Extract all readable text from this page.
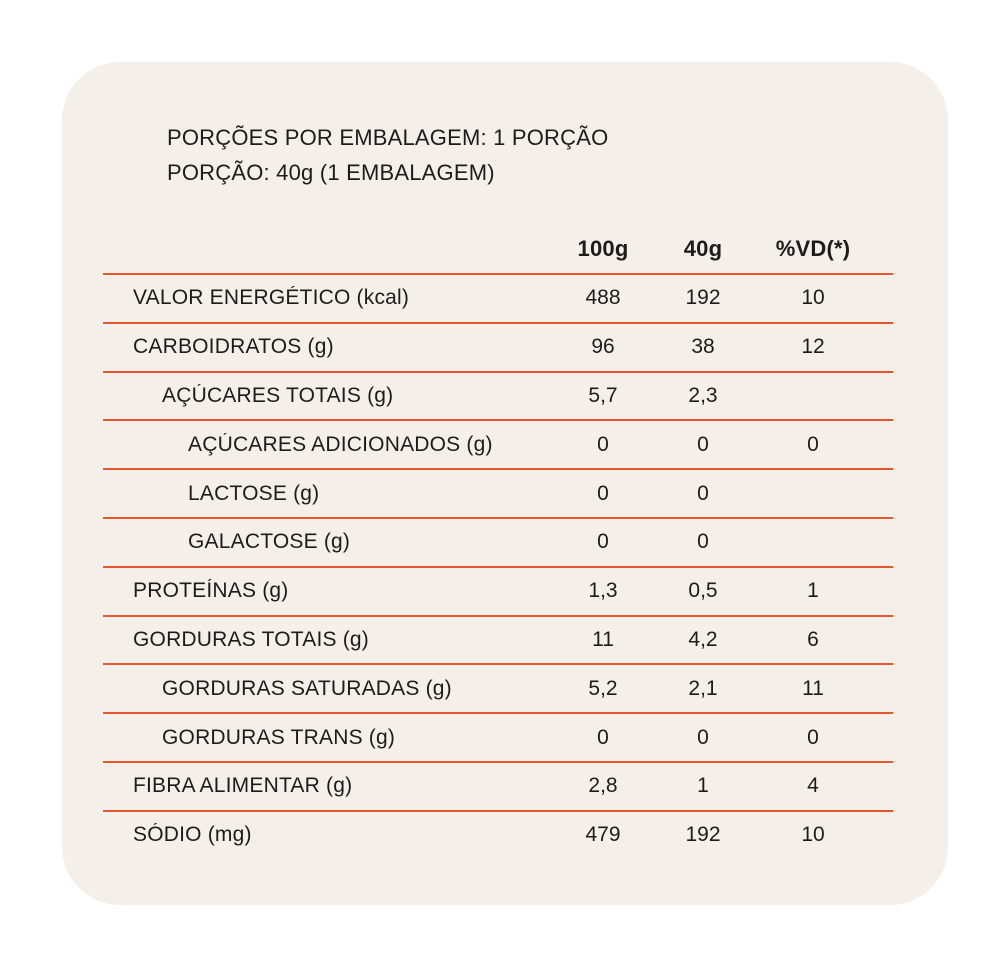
PORÇÕES POR EMBALAGEM: 1 PORÇÃO
PORÇÃO: 40g (1 EMBALAGEM)
100g	40g	%VD(*)
VALOR ENERGÉTICO (kcal)	488	192	10
CARBOIDRATOS (g)	96	38	12
AÇÚCARES TOTAIS (g)	5,7	2,3
AÇÚCARES ADICIONADOS (g)	0	0	0
LACTOSE (g)	0	0
GALACTOSE (g)	0	0
PROTEÍNAS (g)	1,3	0,5	1
GORDURAS TOTAIS (g)	11	4,2	6
GORDURAS SATURADAS (g)	5,2	2,1	11
GORDURAS TRANS (g)	0	0	0
FIBRA ALIMENTAR (g)	2,8	1	4
SÓDIO (mg)	479	192	10
